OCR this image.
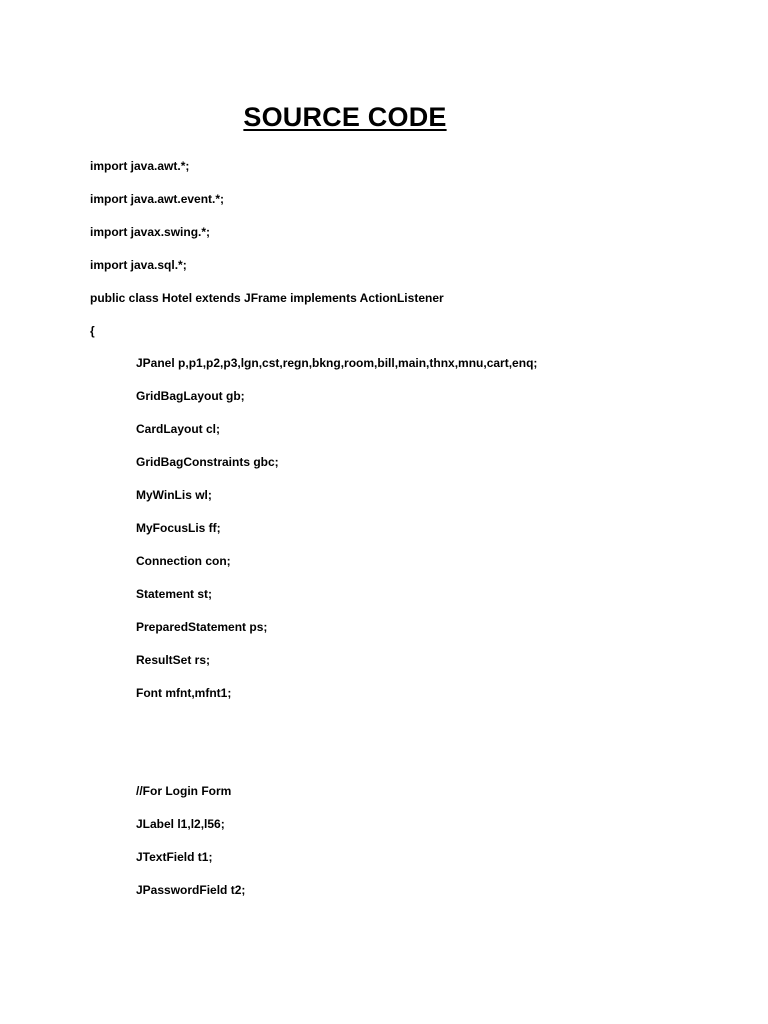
SOURCE CODE
import java.awt.*;
import java.awt.event.*;
import javax.swing.*;
import java.sql.*;
public class Hotel extends JFrame implements ActionListener
{
JPanel p,p1,p2,p3,lgn,cst,regn,bkng,room,bill,main,thnx,mnu,cart,enq;
GridBagLayout gb;
CardLayout cl;
GridBagConstraints gbc;
MyWinLis wl;
MyFocusLis ff;
Connection con;
Statement st;
PreparedStatement ps;
ResultSet rs;
Font mfnt,mfnt1;
//For Login Form
JLabel l1,l2,l56;
JTextField t1;
JPasswordField t2;
